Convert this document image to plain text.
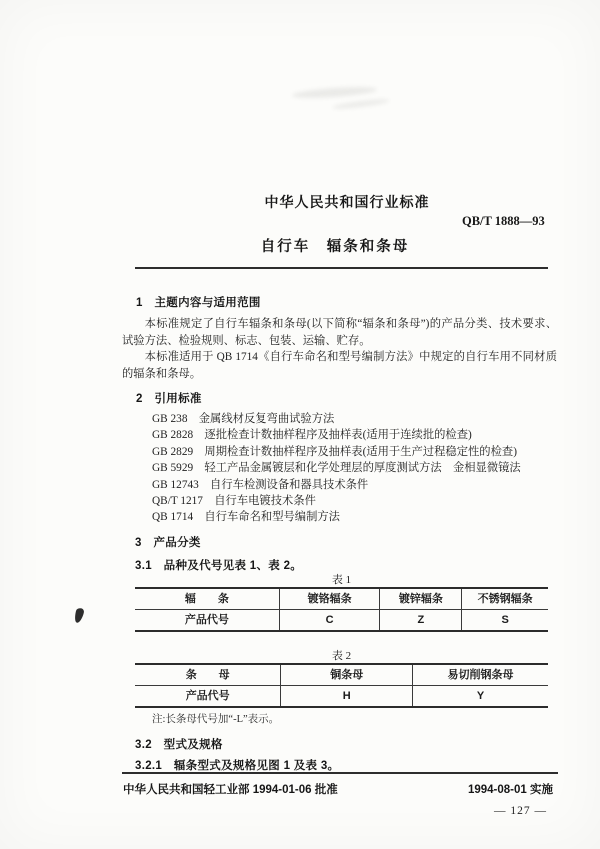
中华人民共和国行业标准
QB/T 1888—93
自行车　辐条和条母
1　主题内容与适用范围

本标准规定了自行车辐条和条母(以下简称“辐条和条母”)的产品分类、技术要求、试验方法、检验规则、标志、包装、运输、贮存。

本标准适用于 QB 1714《自行车命名和型号编制方法》中规定的自行车用不同材质的辐条和条母。

2　引用标准
GB 238　金属线材反复弯曲试验方法
GB 2828　逐批检查计数抽样程序及抽样表(适用于连续批的检查)
GB 2829　周期检查计数抽样程序及抽样表(适用于生产过程稳定性的检查)
GB 5929　轻工产品金属镀层和化学处理层的厚度测试方法　金相显微镜法
GB 12743　自行车检测设备和器具技术条件
QB/T 1217　自行车电镀技术条件
QB 1714　自行车命名和型号编制方法
3　产品分类
3.1　品种及代号见表 1、表 2。
表 1
辐　　条	镀铬辐条	镀锌辐条	不锈钢辐条
产品代号	C	Z	S
表 2
条　　母	铜条母	易切削钢条母
产品代号	H	Y
注:长条母代号加“-L”表示。
3.2　型式及规格
3.2.1　辐条型式及规格见图 1 及表 3。
中华人民共和国轻工业部 1994-01-06 批准	1994-08-01 实施
— 127 —
